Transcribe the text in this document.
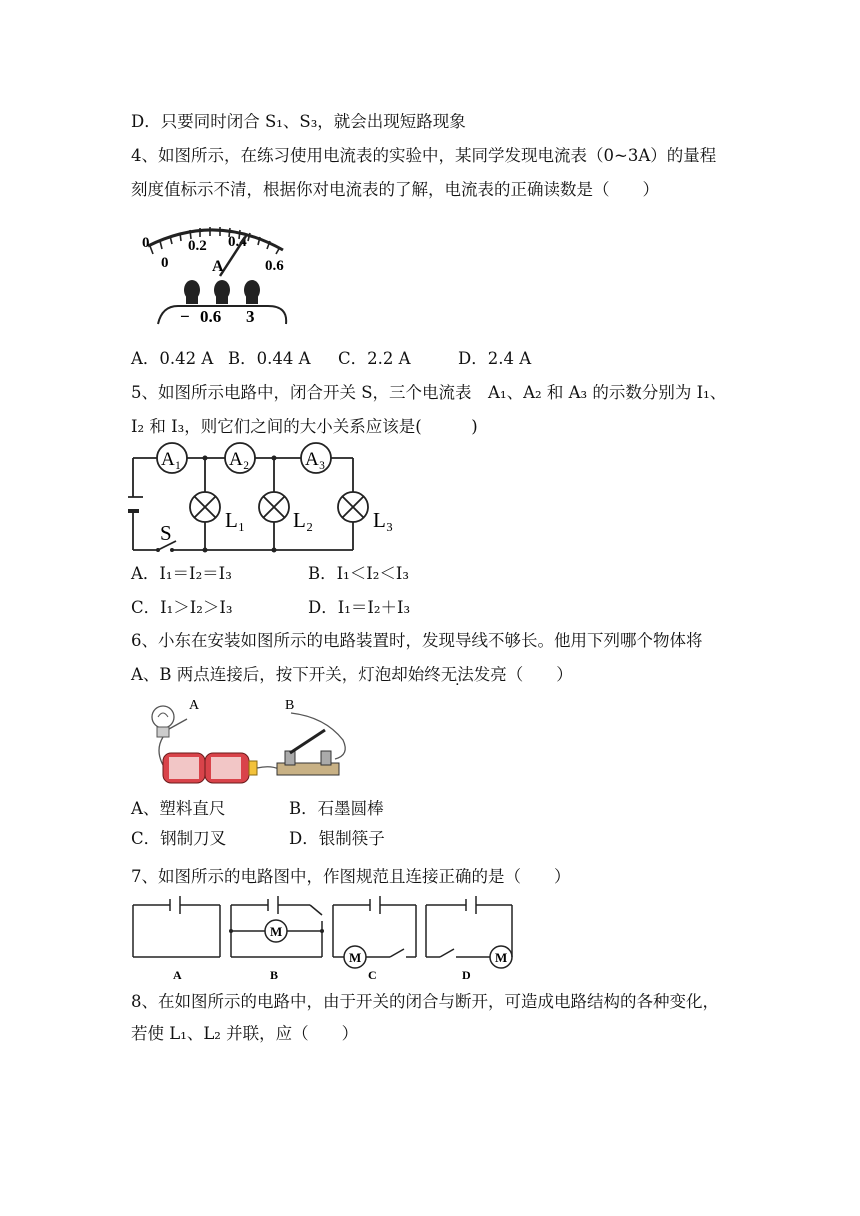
D．只要同时闭合 S₁、S₃，就会出现短路现象
4、如图所示，在练习使用电流表的实验中，某同学发现电流表（0~3A）的量程
刻度值标示不清，根据你对电流表的了解，电流表的正确读数是（　　）
0	0.2 0.4
0	0.6
A
− 0.6 3
A．0.42 A B．0.44 A C．2.2 A	D．2.4 A
5、如图所示电路中，闭合开关 S，三个电流表　A₁、A₂ 和 A₃ 的示数分别为 I₁、
I₂ 和 I₃，则它们之间的大小关系应该是(　　　)
A₁	A₂	A₃
L₁ L₂	L₃
S
A．I₁＝I₂＝I₃	B．I₁＜I₂＜I₃
C．I₁＞I₂＞I₃	D．I₁＝I₂＋I₃
6、小东在安装如图所示的电路装置时，发现导线不够长。他用下列哪个物体将
A、B 两点连接后，按下开关，灯泡却始终无法发亮（　　）
A	B
A、塑料直尺	B．石墨圆棒
C．钢制刀叉	D．银制筷子
7、如图所示的电路图中，作图规范且连接正确的是（　　）
M
M	M
A	B	C	D
8、在如图所示的电路中，由于开关的闭合与断开，可造成电路结构的各种变化，
若使 L₁、L₂ 并联，应（　　）
